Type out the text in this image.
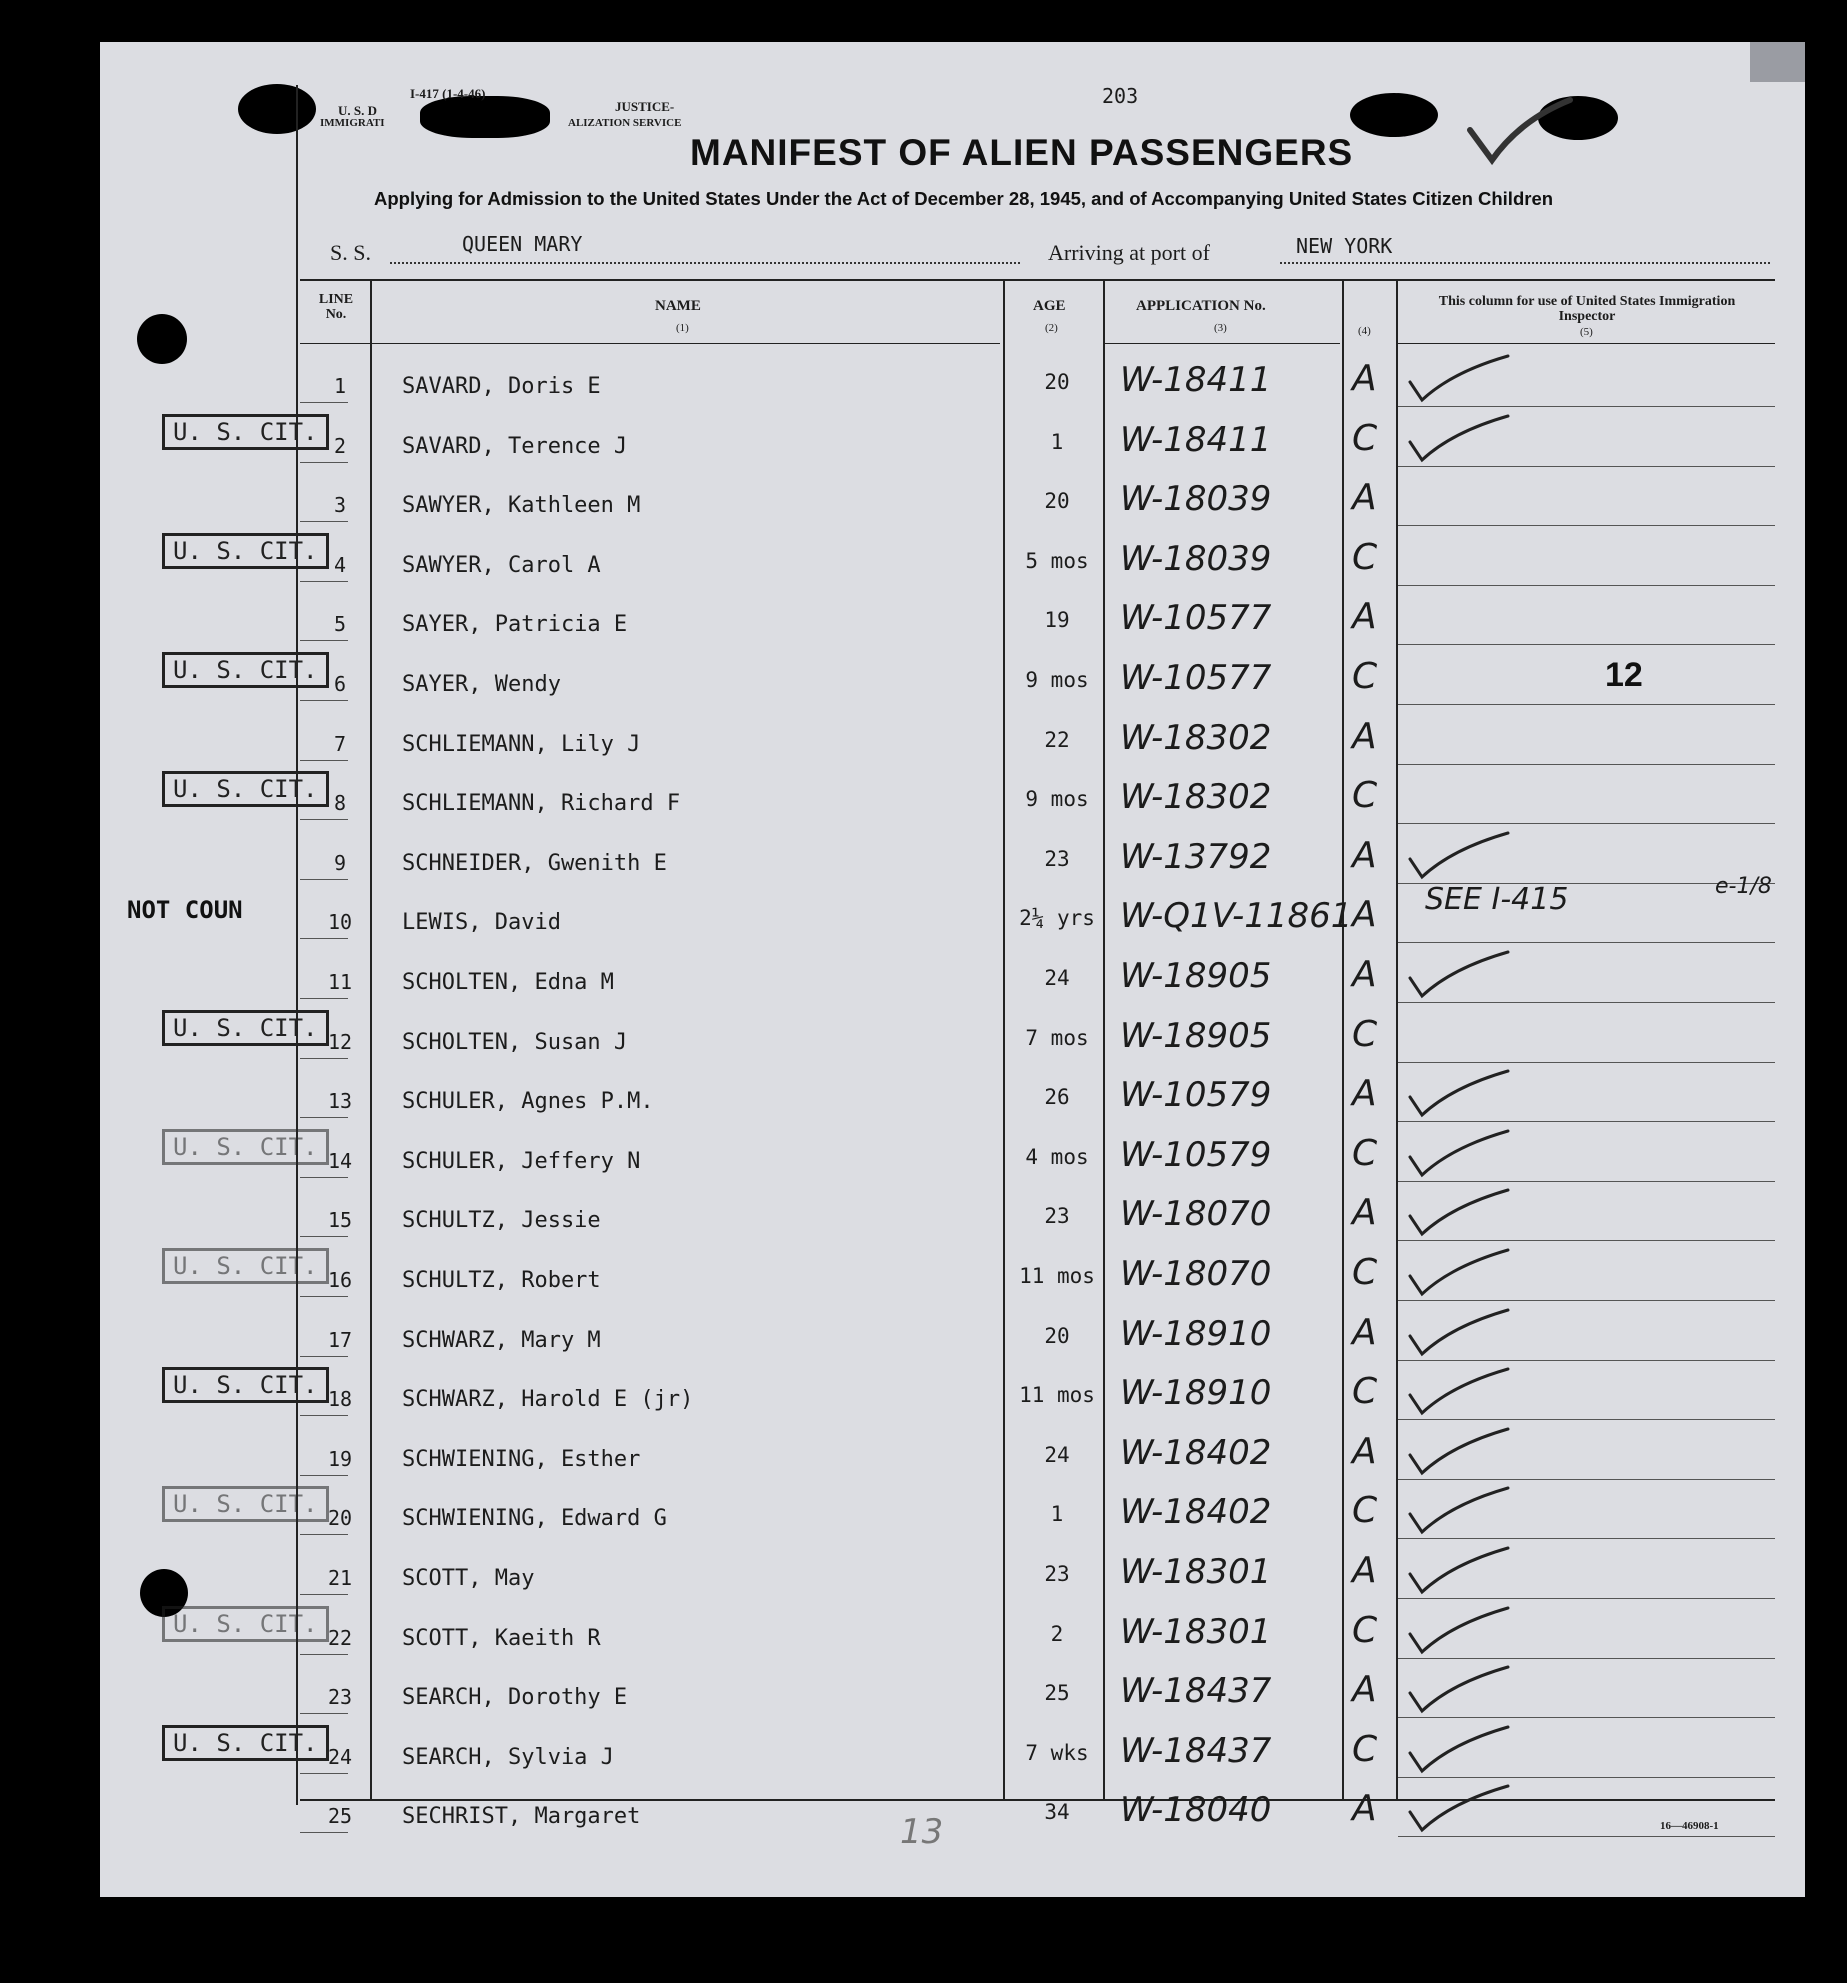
I-417 (1-4-46)
U. S. D	JUSTICE-
IMMIGRATI	ALIZATION SERVICE
203
MANIFEST OF ALIEN PASSENGERS
Applying for Admission to the United States Under the Act of December 28, 1945, and of Accompanying United States Citizen Children
S. S.	QUEEN MARY	Arriving at port of	NEW YORK
LINE No.
NAME
(1)
AGE
(2)
APPLICATION No.
(3)	(4)
This column for use of United States Immigration Inspector
(5)
1	SAVARD, Doris E	20	W-18411 A
2	SAVARD, Terence J	1	W-18411 C
U. S. CIT.
3	SAWYER, Kathleen M	20	W-18039 A
4	SAWYER, Carol A	5 mos W-18039 C
U. S. CIT.
5	SAYER, Patricia E	19	W-10577 A
6	SAYER, Wendy	9 mos W-10577 C
U. S. CIT.
7	SCHLIEMANN, Lily J	22	W-18302 A
8	SCHLIEMANN, Richard F	9 mos W-18302 C
U. S. CIT.
9	SCHNEIDER, Gwenith E	23	W-13792 A
10	LEWIS, David	2¼ yrs W-Q1V-11861 A
NOT COUN
11	SCHOLTEN, Edna M	24	W-18905 A
12	SCHOLTEN, Susan J	7 mos W-18905 C
U. S. CIT.
13	SCHULER, Agnes P.M.	26	W-10579 A
14	SCHULER, Jeffery N	4 mos W-10579 C
U. S. CIT.
15	SCHULTZ, Jessie	23	W-18070 A
16	SCHULTZ, Robert	11 mos W-18070 C
U. S. CIT.
17	SCHWARZ, Mary M	20	W-18910 A
18	SCHWARZ, Harold E (jr)	11 mos W-18910 C
U. S. CIT.
19	SCHWIENING, Esther	24	W-18402 A
20	SCHWIENING, Edward G	1	W-18402 C
U. S. CIT.
21	SCOTT, May	23	W-18301 A
22	SCOTT, Kaeith R	2	W-18301 C
U. S. CIT.
23	SEARCH, Dorothy E	25	W-18437 A
24	SEARCH, Sylvia J	7 wks W-18437 C
U. S. CIT.
25	SECHRIST, Margaret	34	W-18040 A
12
SEE I-415	e-1/8
13	16—46908-1
